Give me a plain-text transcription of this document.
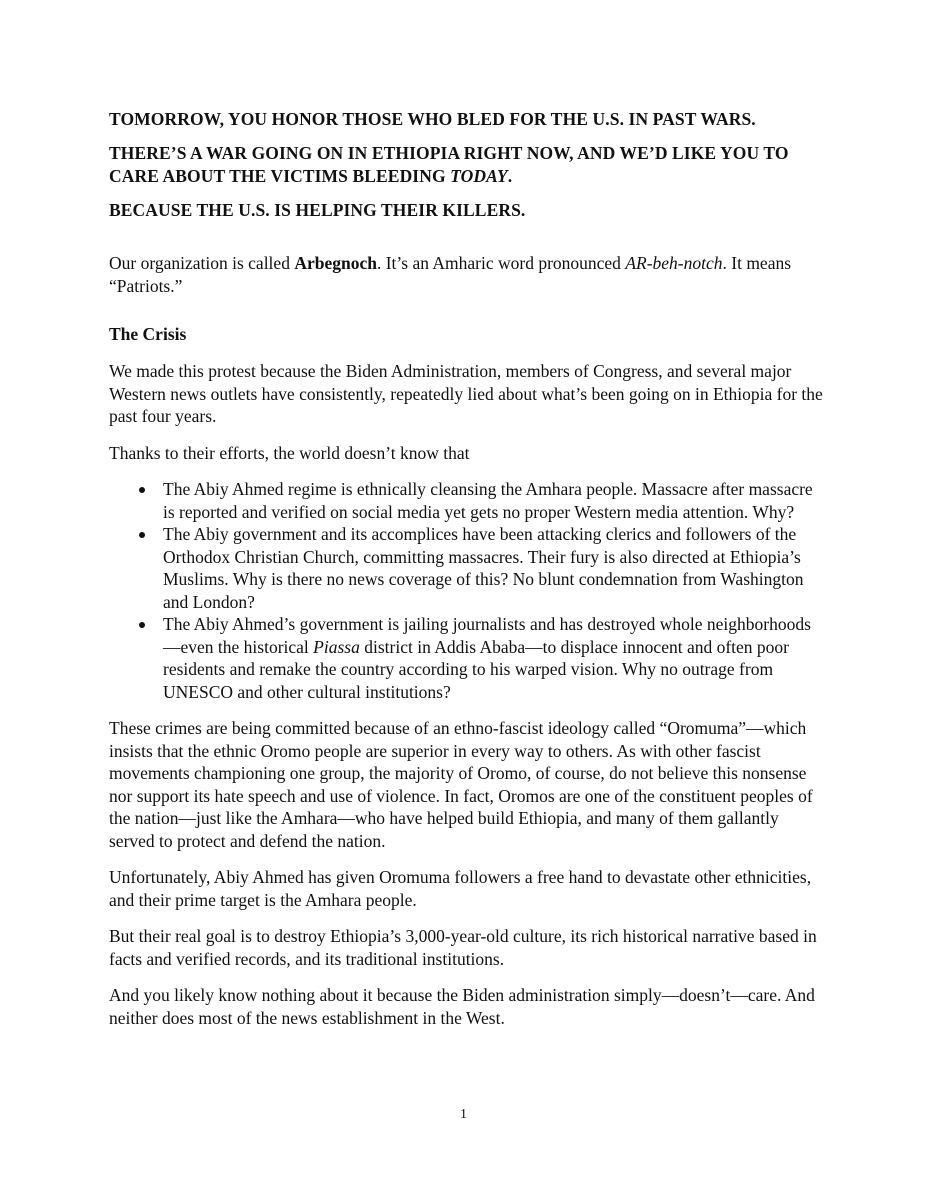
TOMORROW, YOU HONOR THOSE WHO BLED FOR THE U.S. IN PAST WARS.

THERE’S A WAR GOING ON IN ETHIOPIA RIGHT NOW, AND WE’D LIKE YOU TO CARE ABOUT THE VICTIMS BLEEDING TODAY.

BECAUSE THE U.S. IS HELPING THEIR KILLERS.

Our organization is called Arbegnoch. It’s an Amharic word pronounced AR-beh-notch. It means “Patriots.”

The Crisis

We made this protest because the Biden Administration, members of Congress, and several major Western news outlets have consistently, repeatedly lied about what’s been going on in Ethiopia for the past four years.

Thanks to their efforts, the world doesn’t know that

The Abiy Ahmed regime is ethnically cleansing the Amhara people. Massacre after massacre is reported and verified on social media yet gets no proper Western media attention. Why?
The Abiy government and its accomplices have been attacking clerics and followers of the Orthodox Christian Church, committing massacres. Their fury is also directed at Ethiopia’s Muslims. Why is there no news coverage of this? No blunt condemnation from Washington and London?
The Abiy Ahmed’s government is jailing journalists and has destroyed whole neighborhoods—even the historical Piassa district in Addis Ababa—to displace innocent and often poor residents and remake the country according to his warped vision. Why no outrage from UNESCO and other cultural institutions?

These crimes are being committed because of an ethno-fascist ideology called “Oromuma”—which insists that the ethnic Oromo people are superior in every way to others. As with other fascist movements championing one group, the majority of Oromo, of course, do not believe this nonsense nor support its hate speech and use of violence. In fact, Oromos are one of the constituent peoples of the nation—just like the Amhara—who have helped build Ethiopia, and many of them gallantly served to protect and defend the nation.

Unfortunately, Abiy Ahmed has given Oromuma followers a free hand to devastate other ethnicities, and their prime target is the Amhara people.

But their real goal is to destroy Ethiopia’s 3,000-year-old culture, its rich historical narrative based in facts and verified records, and its traditional institutions.

And you likely know nothing about it because the Biden administration simply—doesn’t—care. And neither does most of the news establishment in the West.

1
